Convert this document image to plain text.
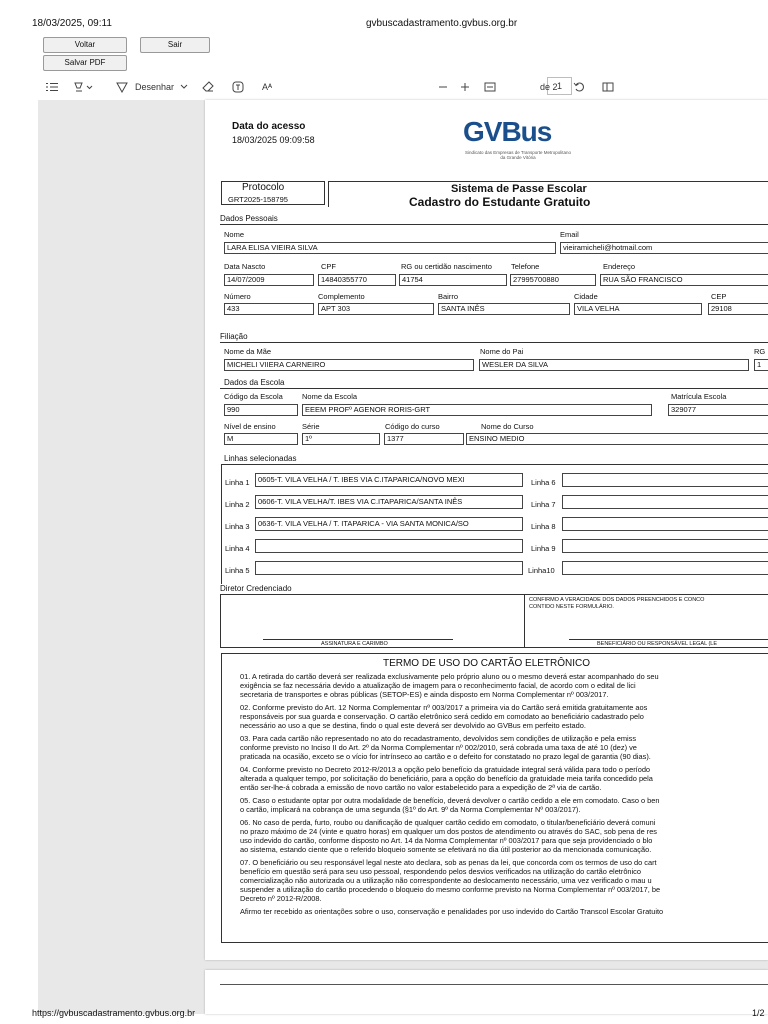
18/03/2025, 09:11	gvbuscadastramento.gvbus.org.br
Voltar	Sair
Salvar PDF
Desenhar	Aᴬ	1
de 2
Data do acesso
18/03/2025 09:09:58	GVBus
Sindicato das Empresas de Transporte Metropolitano da Grande Vitória
Protocolo
GRT2025-158795
Sistema de Passe Escolar
Cadastro do Estudante Gratuito
Dados Pessoais
Nome
LARA ELISA VIEIRA SILVA
Email
vieiramicheli@hotmail.com
Data Nascto
14/07/2009
CPF
14840355770
RG ou certidão nascimento
41754
Telefone
27995700880
Endereço
RUA SÃO FRANCISCO
Número
433
Complemento
APT 303
Bairro
SANTA INÊS
Cidade
VILA VELHA
CEP
29108
Filiação
Nome da Mãe
MICHELI VIIERA CARNEIRO
Nome do Pai
WESLER DA SILVA
RG
1
Dados da Escola
Código da Escola
990
Nome da Escola
EEEM PROFº AGENOR RORIS-GRT
Matrícula Escola
329077
Nível de ensino
M
Série
1º
Código do curso
1377
Nome do Curso
ENSINO MEDIO
Linhas selecionadas
Linha 1	0605-T. VILA VELHA / T. IBES VIA C.ITAPARICA/NOVO MEXI
Linha 2	0606-T. VILA VELHA/T. IBES VIA C.ITAPARICA/SANTA INÊS
Linha 3	0636-T. VILA VELHA / T. ITAPARICA - VIA SANTA MONICA/SO
Linha 4
Linha 5
Linha 6
Linha 7
Linha 8
Linha 9
Linha10
Diretor Credenciado
CONFIRMO A VERACIDADE DOS DADOS PREENCHIDOS E CONCO
CONTIDO NESTE FORMULÁRIO.
ASSINATURA E CARIMBO	BENEFICIÁRIO OU RESPONSÁVEL LEGAL (LE
TERMO DE USO DO CARTÃO ELETRÔNICO

01. A retirada do cartão deverá ser realizada exclusivamente pelo próprio aluno ou o mesmo deverá estar acompanhado do seu
exigência se faz necessária devido a atualização de imagem para o reconhecimento facial, de acordo com o edital de lici
secretaria de transportes e obras públicas (SETOP-ES) e ainda disposto em Norma Complementar nº 003/2017.

02. Conforme previsto do Art. 12 Norma Complementar nº 003/2017 a primeira via do Cartão será emitida gratuitamente aos
responsáveis por sua guarda e conservação. O cartão eletrônico será cedido em comodato ao beneficiário cadastrado pelo
necessário ao uso a que se destina, findo o qual este deverá ser devolvido ao GVBus em perfeito estado.

03. Para cada cartão não representado no ato do recadastramento, devolvidos sem condições de utilização e pela emiss
conforme previsto no Inciso II do Art. 2º da Norma Complementar nº 002/2010, será cobrada uma taxa de até 10 (dez) ve
praticada na ocasião, exceto se o vício for intrínseco ao cartão e o defeito for constatado no prazo legal de garantia (90 dias).

04. Conforme previsto no Decreto 2012-R/2013 a opção pelo benefício da gratuidade integral será válida para todo o período
alterada a qualquer tempo, por solicitação do beneficiário, para a opção do benefício da gratuidade meia tarifa concedido pela
então ser-lhe-á cobrada a emissão de novo cartão no valor estabelecido para a expedição de 2ª via de cartão.

05. Caso o estudante optar por outra modalidade de benefício, deverá devolver o cartão cedido a ele em comodato. Caso o ben
o cartão, implicará na cobrança de uma segunda (§1º do Art. 9º da Norma Complementar Nº 003/2017).

06. No caso de perda, furto, roubo ou danificação de qualquer cartão cedido em comodato, o titular/beneficiário deverá comuni
no prazo máximo de 24 (vinte e quatro horas) em qualquer um dos postos de atendimento ou através do SAC, sob pena de res
uso indevido do cartão, conforme disposto no Art. 14 da Norma Complementar nº 003/2017 para que seja providenciado o blo
ao sistema, estando ciente que o referido bloqueio somente se efetivará no dia útil posterior ao da mencionada comunicação.

07. O beneficiário ou seu responsável legal neste ato declara, sob as penas da lei, que concorda com os termos de uso do cart
benefício em questão será para seu uso pessoal, respondendo pelos desvios verificados na utilização do cartão eletrônico
comercialização não autorizada ou a utilização não correspondente ao deslocamento necessário, uma vez verificado o mau u
suspender a utilização do cartão procedendo o bloqueio do mesmo conforme previsto na Norma Complementar nº 003/2017, be
Decreto nº 2012-R/2008.

Afirmo ter recebido as orientações sobre o uso, conservação e penalidades por uso indevido do Cartão Transcol Escolar Gratuito

https://gvbuscadastramento.gvbus.org.br	1/2
